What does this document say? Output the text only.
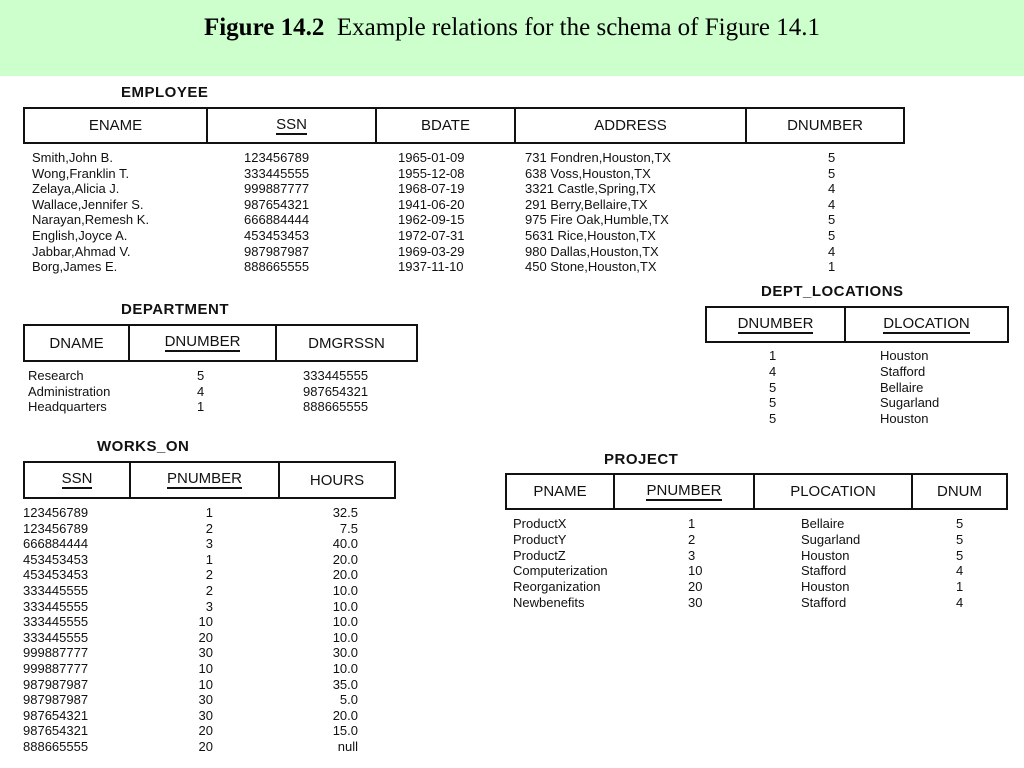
Figure 14.2 Example relations for the schema of Figure 14.1
EMPLOYEE
ENAME	SSN	BDATE	ADDRESS	DNUMBER
Smith,John B.	123456789	1965-01-09	731 Fondren,Houston,TX	5
Wong,Franklin T.	333445555	1955-12-08	638 Voss,Houston,TX	5
Zelaya,Alicia J.	999887777	1968-07-19	3321 Castle,Spring,TX	4
Wallace,Jennifer S.	987654321	1941-06-20	291 Berry,Bellaire,TX	4
Narayan,Remesh K.	666884444	1962-09-15	975 Fire Oak,Humble,TX	5
English,Joyce A.	453453453	1972-07-31	5631 Rice,Houston,TX	5
Jabbar,Ahmad V.	987987987	1969-03-29	980 Dallas,Houston,TX	4
Borg,James E.	888665555	1937-11-10	450 Stone,Houston,TX	1
DEPARTMENT
DNAME	DNUMBER	DMGRSSN
Research	5	333445555
Administration	4	987654321
Headquarters	1	888665555
DEPT_LOCATIONS
DNUMBER	DLOCATION
1	Houston
4	Stafford
5	Bellaire
5	Sugarland
5	Houston
WORKS_ON
SSN	PNUMBER	HOURS
123456789	1	32.5
123456789	2	7.5
666884444	3	40.0
453453453	1	20.0
453453453	2	20.0
333445555	2	10.0
333445555	3	10.0
333445555	10	10.0
333445555	20	10.0
999887777	30	30.0
999887777	10	10.0
987987987	10	35.0
987987987	30	5.0
987654321	30	20.0
987654321	20	15.0
888665555	20	null
PROJECT
PNAME	PNUMBER	PLOCATION	DNUM
ProductX	1	Bellaire	5
ProductY	2	Sugarland	5
ProductZ	3	Houston	5
Computerization	10	Stafford	4
Reorganization	20	Houston	1
Newbenefits	30	Stafford	4
